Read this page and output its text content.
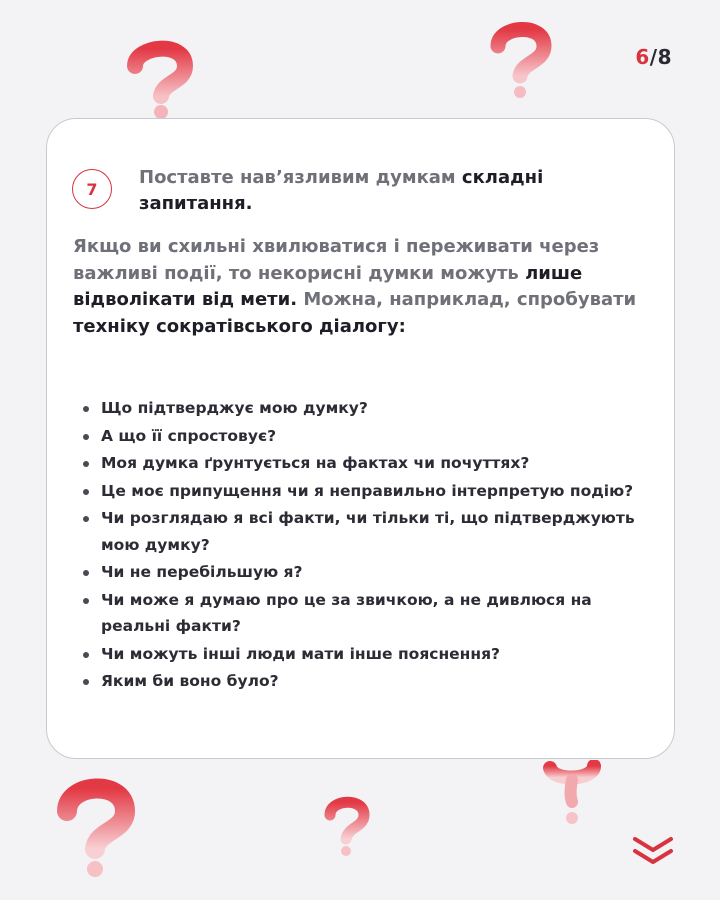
6/8
7
Поставте нав’язливим думкам складні запитання.
Якщо ви схильні хвилюватися і переживати через важливі події, то некорисні думки можуть лише відволікати від мети. Можна, наприклад, спробувати техніку сократівського діалогу:
Що підтверджує мою думку?
А що її спростовує?
Моя думка ґрунтується на фактах чи почуттях?
Це моє припущення чи я неправильно інтерпретую подію?
Чи розглядаю я всі факти, чи тільки ті, що підтверджують мою думку?
Чи не перебільшую я?
Чи може я думаю про це за звичкою, а не дивлюся на реальні факти?
Чи можуть інші люди мати інше пояснення?
Яким би воно було?
